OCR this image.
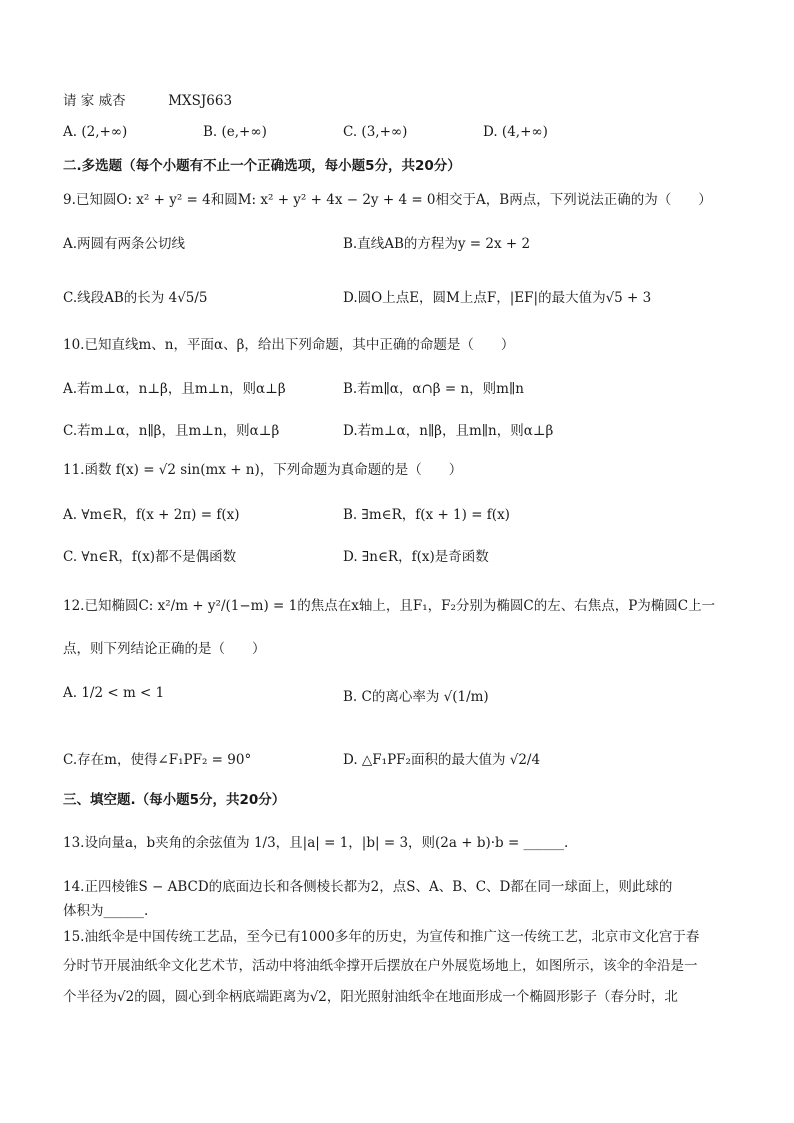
请 家 威杏	MXSJ663
A. (2,+∞)	B. (e,+∞)	C. (3,+∞)	D. (4,+∞)
二.多选题（每个小题有不止一个正确选项，每小题5分，共20分）
9.已知圆O: x² + y² = 4和圆M: x² + y² + 4x − 2y + 4 = 0相交于A，B两点，下列说法正确的为（　　）
A.两圆有两条公切线	B.直线AB的方程为y = 2x + 2
C.线段AB的长为 4√5/5	D.圆O上点E，圆M上点F，|EF|的最大值为√5 + 3
10.已知直线m、n，平面α、β，给出下列命题，其中正确的命题是（　　）
A.若m⊥α，n⊥β，且m⊥n，则α⊥β	B.若m∥α，α∩β = n，则m∥n
C.若m⊥α，n∥β，且m⊥n，则α⊥β	D.若m⊥α，n∥β，且m∥n，则α⊥β
11.函数 f(x) = √2 sin(mx + n)，下列命题为真命题的是（　　）
A. ∀m∈R，f(x + 2π) = f(x)	B. ∃m∈R，f(x + 1) = f(x)
C. ∀n∈R，f(x)都不是偶函数	D. ∃n∈R，f(x)是奇函数
12.已知椭圆C: x²/m + y²/(1−m) = 1的焦点在x轴上，且F₁，F₂分别为椭圆C的左、右焦点，P为椭圆C上一
点，则下列结论正确的是（　　）
A. 1/2 < m < 1	B. C的离心率为 √(1/m)
C.存在m，使得∠F₁PF₂ = 90°	D. △F₁PF₂面积的最大值为 √2/4
三、填空题.（每小题5分，共20分）
13.设向量a，b夹角的余弦值为 1/3，且|a| = 1，|b| = 3，则(2a + b)·b = ______.
14.正四棱锥S − ABCD的底面边长和各侧棱长都为2，点S、A、B、C、D都在同一球面上，则此球的
体积为______.
15.油纸伞是中国传统工艺品，至今已有1000多年的历史，为宣传和推广这一传统工艺，北京市文化宫于春
分时节开展油纸伞文化艺术节，活动中将油纸伞撑开后摆放在户外展览场地上，如图所示，该伞的伞沿是一
个半径为√2的圆，圆心到伞柄底端距离为√2，阳光照射油纸伞在地面形成一个椭圆形影子（春分时，北
